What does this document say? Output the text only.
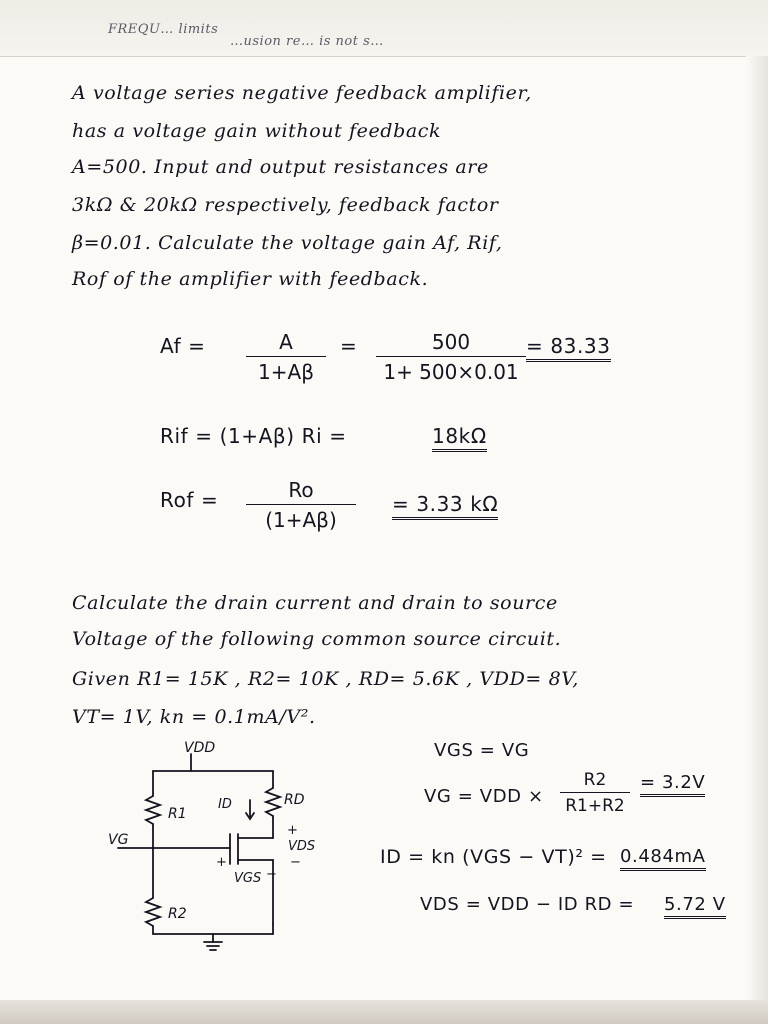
FREQU… limits
…usion re… is not s…

A voltage series negative feedback amplifier,

has a voltage gain without feedback

A=500. Input and output resistances are

3kΩ & 20kΩ respectively, feedback factor

β=0.01. Calculate the voltage gain Af, Rif,

Rof of the amplifier with feedback.

$Af = \frac{A}{1+A\beta} = \frac{500}{1+ 500\times 0.01} = 83.33$

Rif = (1+Aβ) Ri =	18kΩ

Rof = $\frac{Ro}{(1+A\beta)} = 3.33$ kΩ

Calculate the drain current and drain to source

Voltage of the following common source circuit.

Given R1= 15K , R2= 10K , RD= 5.6K , VDD= 8V,

VT= 1V, kn = 0.1mA/V².

VDD
R1
ID	RD
+
VDS
−
VG
+
VGS −
R2

VGS = VG

VG = VDD × $\frac{R2}{R1+R2} = 3.2V$

ID = kn (VGS − VT)² = 0.484mA

VDS = VDD − ID RD = 5.72 V
